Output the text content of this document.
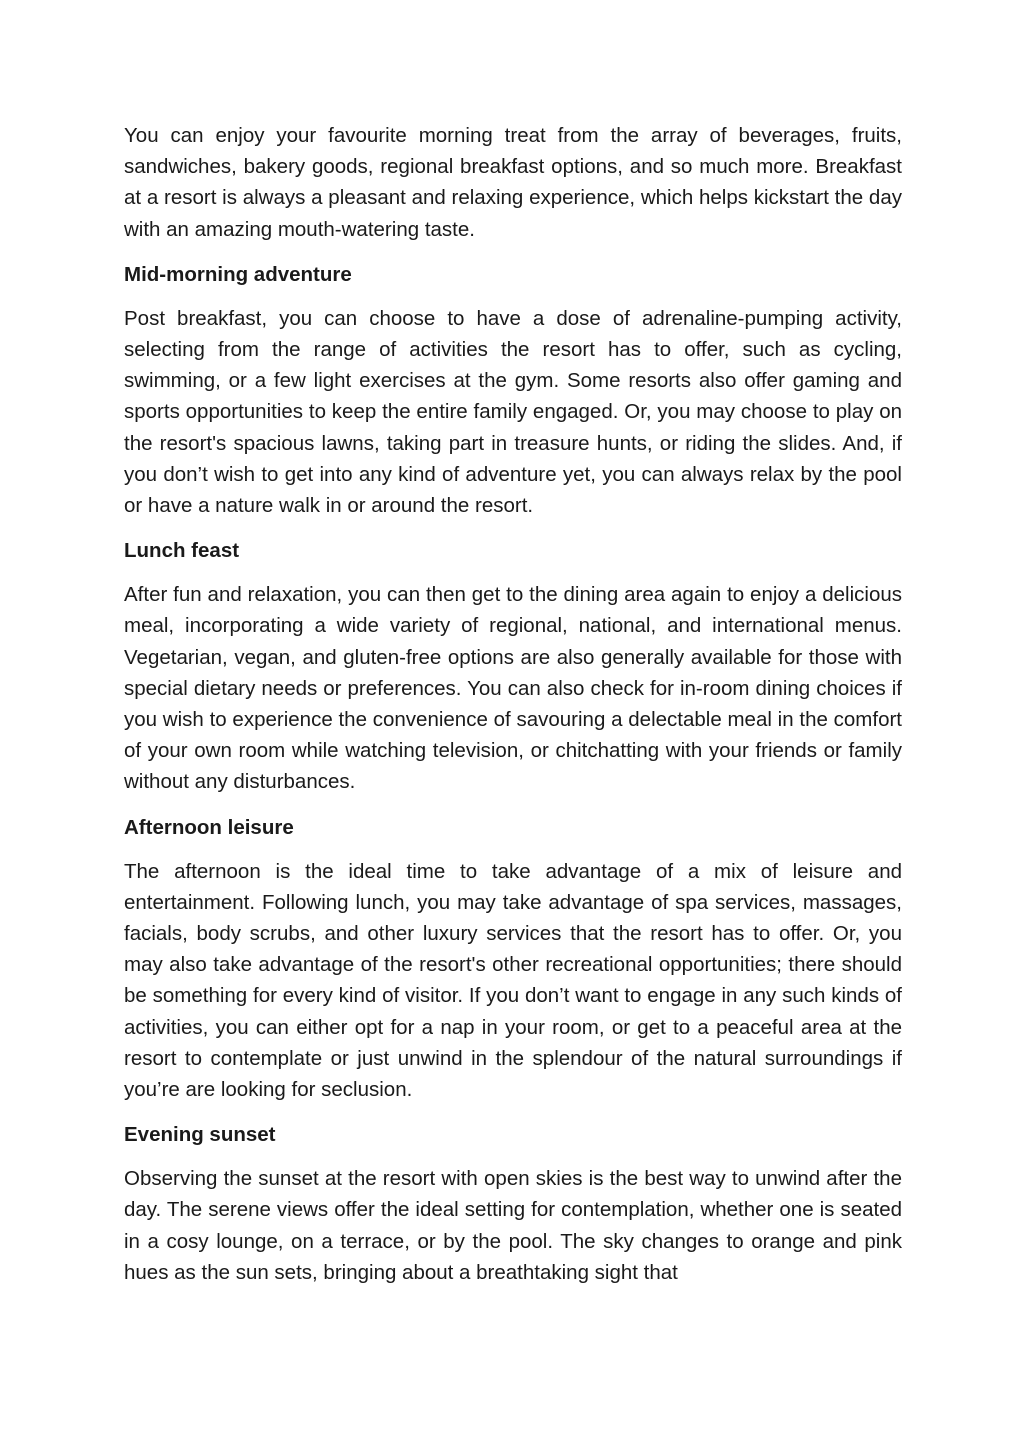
You can enjoy your favourite morning treat from the array of beverages, fruits, sandwiches, bakery goods, regional breakfast options, and so much more. Breakfast at a resort is always a pleasant and relaxing experience, which helps kickstart the day with an amazing mouth-watering taste.

Mid-morning adventure

Post breakfast, you can choose to have a dose of adrenaline-pumping activity, selecting from the range of activities the resort has to offer, such as cycling, swimming, or a few light exercises at the gym. Some resorts also offer gaming and sports opportunities to keep the entire family engaged. Or, you may choose to play on the resort's spacious lawns, taking part in treasure hunts, or riding the slides. And, if you don’t wish to get into any kind of adventure yet, you can always relax by the pool or have a nature walk in or around the resort.

Lunch feast

After fun and relaxation, you can then get to the dining area again to enjoy a delicious meal, incorporating a wide variety of regional, national, and international menus. Vegetarian, vegan, and gluten-free options are also generally available for those with special dietary needs or preferences. You can also check for in-room dining choices if you wish to experience the convenience of savouring a delectable meal in the comfort of your own room while watching television, or chitchatting with your friends or family without any disturbances.

Afternoon leisure

The afternoon is the ideal time to take advantage of a mix of leisure and entertainment. Following lunch, you may take advantage of spa services, massages, facials, body scrubs, and other luxury services that the resort has to offer. Or, you may also take advantage of the resort's other recreational opportunities; there should be something for every kind of visitor. If you don’t want to engage in any such kinds of activities, you can either opt for a nap in your room, or get to a peaceful area at the resort to contemplate or just unwind in the splendour of the natural surroundings if you’re are looking for seclusion.

Evening sunset

Observing the sunset at the resort with open skies is the best way to unwind after the day. The serene views offer the ideal setting for contemplation, whether one is seated in a cosy lounge, on a terrace, or by the pool. The sky changes to orange and pink hues as the sun sets, bringing about a breathtaking sight that
